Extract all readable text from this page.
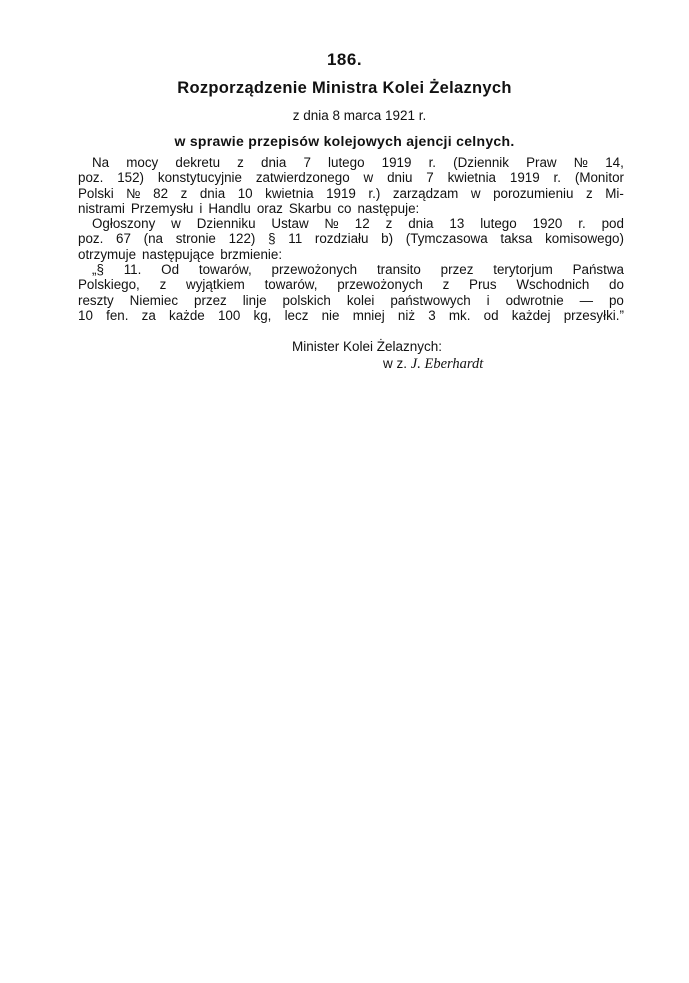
186.
Rozporządzenie Ministra Kolei Żelaznych
z dnia 8 marca 1921 r.
w sprawie przepisów kolejowych ajencji celnych.
Na mocy dekretu z dnia 7 lutego 1919 r. (Dziennik Praw № 14,
poz. 152) konstytucyjnie zatwierdzonego w dniu 7 kwietnia 1919 r. (Monitor
Polski № 82 z dnia 10 kwietnia 1919 r.) zarządzam w porozumieniu z Mi-
nistrami Przemysłu i Handlu oraz Skarbu co następuje:
Ogłoszony w Dzienniku Ustaw № 12 z dnia 13 lutego 1920 r. pod
poz. 67 (na stronie 122) § 11 rozdziału b) (Tymczasowa taksa komisowego)
otrzymuje następujące brzmienie:
„§ 11. Od towarów, przewożonych transito przez terytorjum Państwa
Polskiego, z wyjątkiem towarów, przewożonych z Prus Wschodnich do
reszty Niemiec przez linje polskich kolei państwowych i odwrotnie — po
10 fen. za każde 100 kg, lecz nie mniej niż 3 mk. od każdej przesyłki.”
Minister Kolei Żelaznych:
w z. J. Eberhardt
